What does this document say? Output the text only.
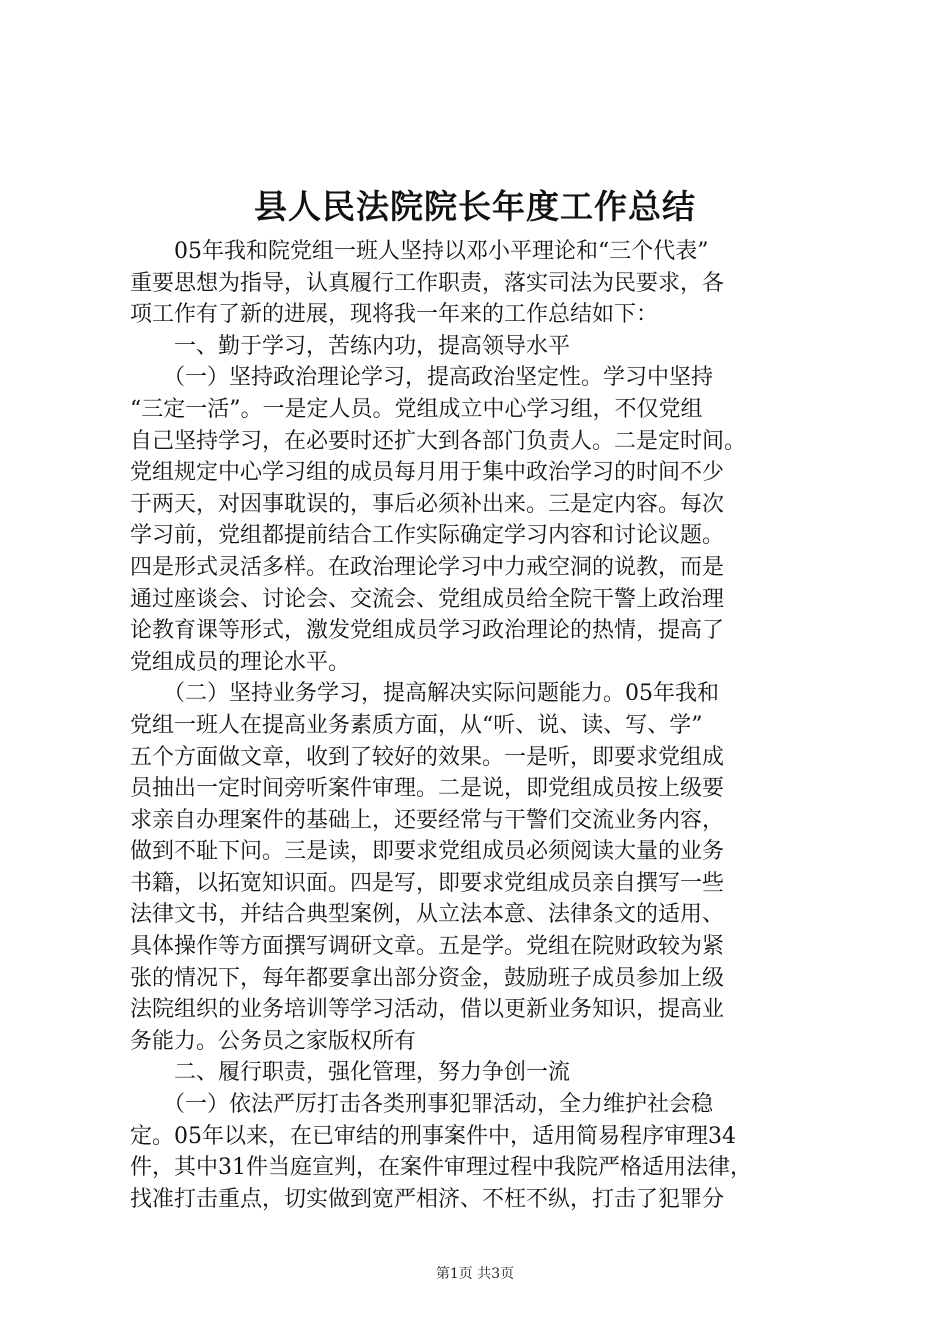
县人民法院院长年度工作总结
　　05年我和院党组一班人坚持以邓小平理论和“三个代表”
重要思想为指导，认真履行工作职责，落实司法为民要求，各
项工作有了新的进展，现将我一年来的工作总结如下：
　　一、勤于学习，苦练内功，提高领导水平
　　（一）坚持政治理论学习，提高政治坚定性。学习中坚持
“三定一活”。一是定人员。党组成立中心学习组，不仅党组
自己坚持学习，在必要时还扩大到各部门负责人。二是定时间。
党组规定中心学习组的成员每月用于集中政治学习的时间不少
于两天，对因事耽误的，事后必须补出来。三是定内容。每次
学习前，党组都提前结合工作实际确定学习内容和讨论议题。
四是形式灵活多样。在政治理论学习中力戒空洞的说教，而是
通过座谈会、讨论会、交流会、党组成员给全院干警上政治理
论教育课等形式，激发党组成员学习政治理论的热情，提高了
党组成员的理论水平。
　　（二）坚持业务学习，提高解决实际问题能力。05年我和
党组一班人在提高业务素质方面，从“听、说、读、写、学”
五个方面做文章，收到了较好的效果。一是听，即要求党组成
员抽出一定时间旁听案件审理。二是说，即党组成员按上级要
求亲自办理案件的基础上，还要经常与干警们交流业务内容，
做到不耻下问。三是读，即要求党组成员必须阅读大量的业务
书籍，以拓宽知识面。四是写，即要求党组成员亲自撰写一些
法律文书，并结合典型案例，从立法本意、法律条文的适用、
具体操作等方面撰写调研文章。五是学。党组在院财政较为紧
张的情况下，每年都要拿出部分资金，鼓励班子成员参加上级
法院组织的业务培训等学习活动，借以更新业务知识，提高业
务能力。公务员之家版权所有
　　二、履行职责，强化管理，努力争创一流
　　（一）依法严厉打击各类刑事犯罪活动，全力维护社会稳
定。05年以来，在已审结的刑事案件中，适用简易程序审理34
件，其中31件当庭宣判，在案件审理过程中我院严格适用法律，
找准打击重点，切实做到宽严相济、不枉不纵，打击了犯罪分
第1页 共3页
